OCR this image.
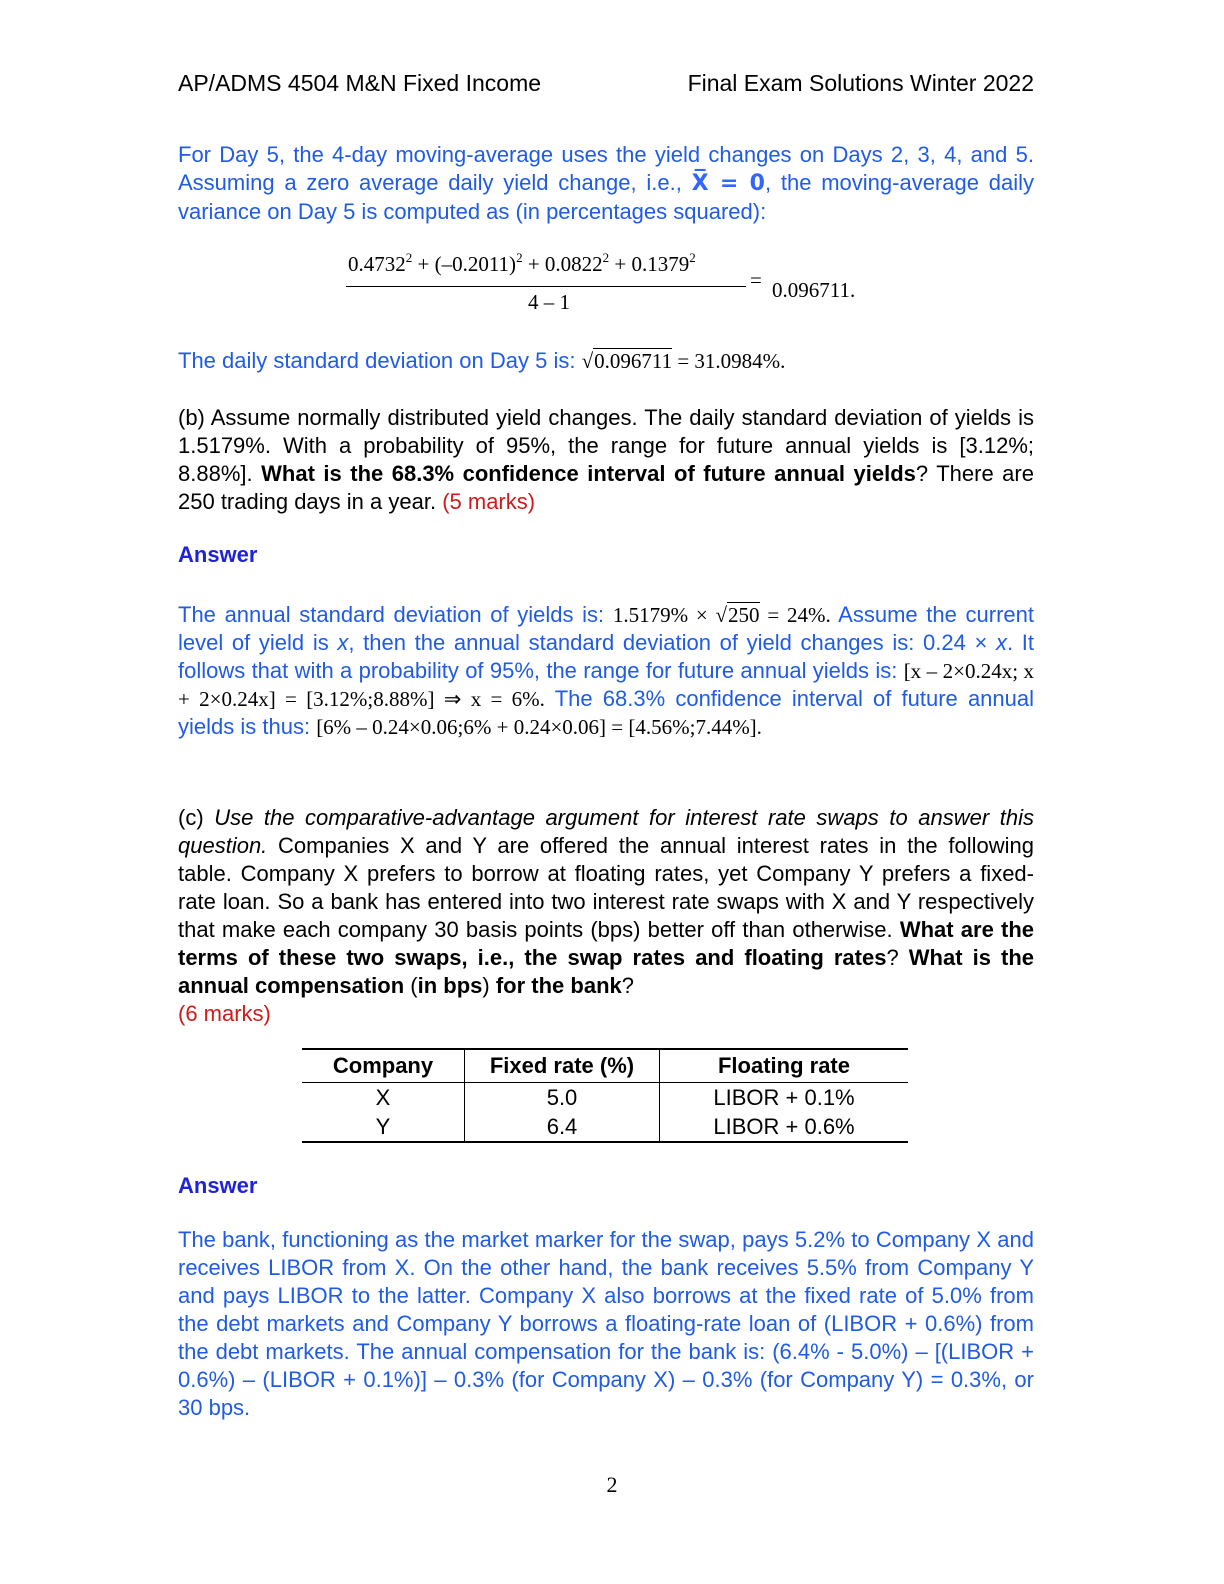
AP/ADMS 4504 M&N Fixed Income	Final Exam Solutions Winter 2022
For Day 5, the 4-day moving-average uses the yield changes on Days 2, 3, 4, and 5. Assuming a zero average daily yield change, i.e., X̅ = 0, the moving-average daily variance on Day 5 is computed as (in percentages squared):
$0.4732^2 + (-0.2011)^2 + 0.0822^2 + 0.1379^2$
4 – 1
= 0.096711.
The daily standard deviation on Day 5 is: √0.096711 = 31.0984%.
(b) Assume normally distributed yield changes. The daily standard deviation of yields is 1.5179%. With a probability of 95%, the range for future annual yields is [3.12%; 8.88%]. What is the 68.3% confidence interval of future annual yields? There are 250 trading days in a year. (5 marks)
Answer
The annual standard deviation of yields is: 1.5179% × √250 = 24%. Assume the current level of yield is x, then the annual standard deviation of yield changes is: 0.24 × x. It follows that with a probability of 95%, the range for future annual yields is: [x – 2×0.24x; x + 2×0.24x] = [3.12%;8.88%] ⇒ x = 6%. The 68.3% confidence interval of future annual yields is thus: [6% – 0.24×0.06;6% + 0.24×0.06] = [4.56%;7.44%].
(c) Use the comparative-advantage argument for interest rate swaps to answer this question. Companies X and Y are offered the annual interest rates in the following table. Company X prefers to borrow at floating rates, yet Company Y prefers a fixed-rate loan. So a bank has entered into two interest rate swaps with X and Y respectively that make each company 30 basis points (bps) better off than otherwise. What are the terms of these two swaps, i.e., the swap rates and floating rates? What is the annual compensation (in bps) for the bank?
(6 marks)
Company	Fixed rate (%)	Floating rate
X	5.0	LIBOR + 0.1%
Y	6.4	LIBOR + 0.6%
Answer
The bank, functioning as the market marker for the swap, pays 5.2% to Company X and receives LIBOR from X. On the other hand, the bank receives 5.5% from Company Y and pays LIBOR to the latter. Company X also borrows at the fixed rate of 5.0% from the debt markets and Company Y borrows a floating-rate loan of (LIBOR + 0.6%) from the debt markets. The annual compensation for the bank is: (6.4% - 5.0%) – [(LIBOR + 0.6%) – (LIBOR + 0.1%)] – 0.3% (for Company X) – 0.3% (for Company Y) = 0.3%, or 30 bps.
2
